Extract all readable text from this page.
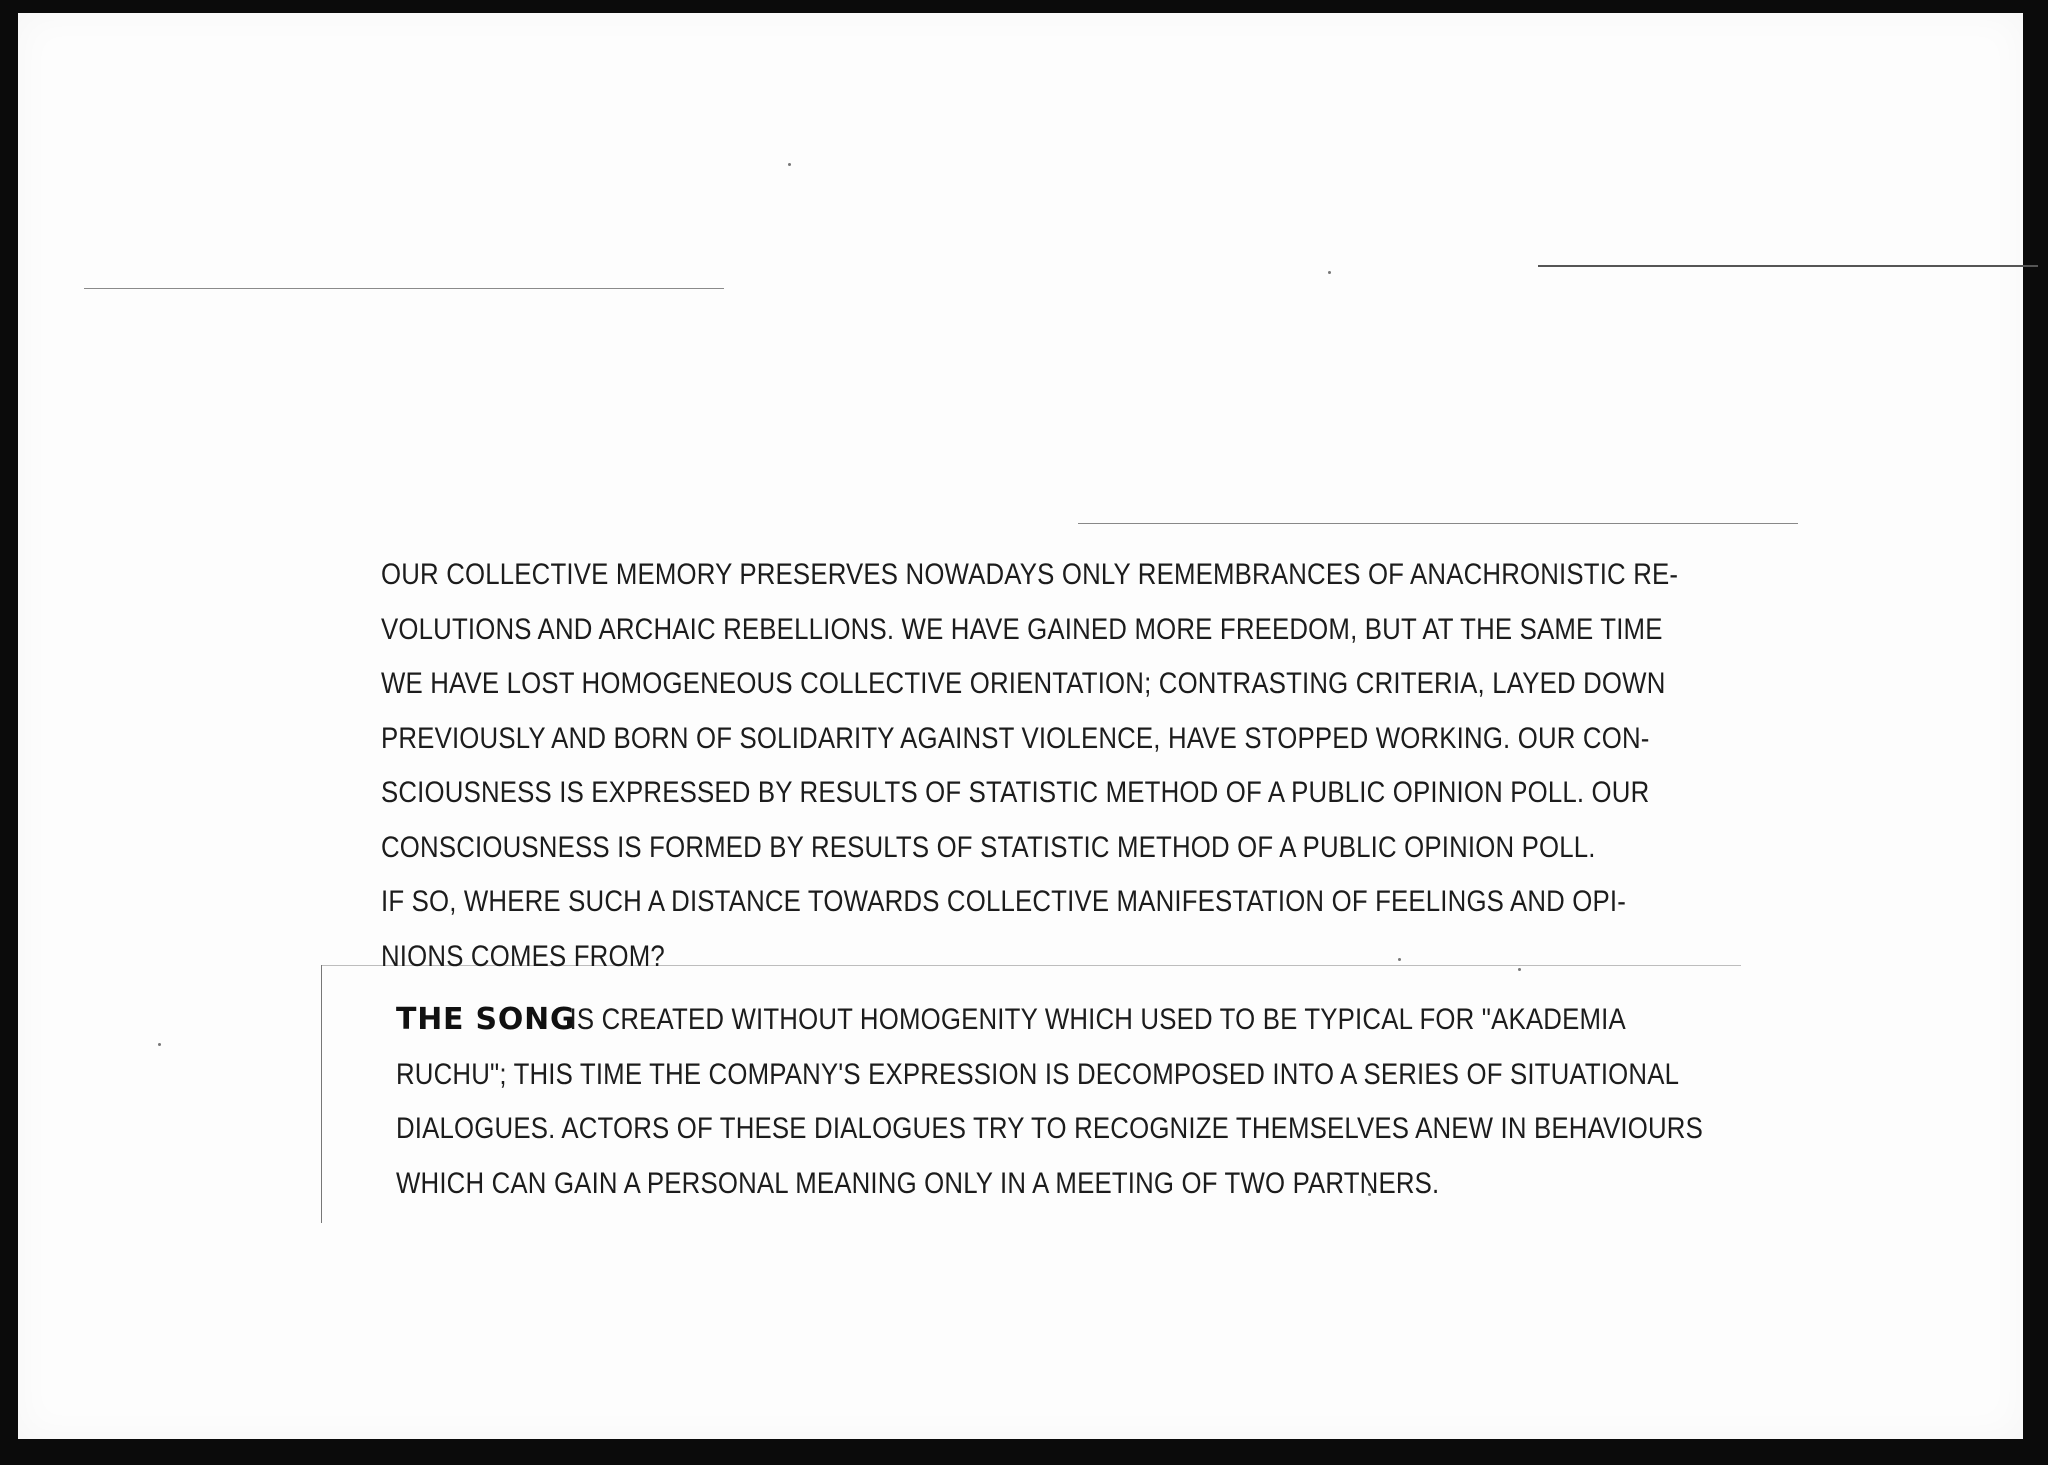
OUR COLLECTIVE MEMORY PRESERVES NOWADAYS ONLY REMEMBRANCES OF ANACHRONISTIC RE-
VOLUTIONS AND ARCHAIC REBELLIONS. WE HAVE GAINED MORE FREEDOM, BUT AT THE SAME TIME
WE HAVE LOST HOMOGENEOUS COLLECTIVE ORIENTATION; CONTRASTING CRITERIA, LAYED DOWN
PREVIOUSLY AND BORN OF SOLIDARITY AGAINST VIOLENCE, HAVE STOPPED WORKING. OUR CON-
SCIOUSNESS IS EXPRESSED BY RESULTS OF STATISTIC METHOD OF A PUBLIC OPINION POLL. OUR
CONSCIOUSNESS IS FORMED BY RESULTS OF STATISTIC METHOD OF A PUBLIC OPINION POLL.
IF SO, WHERE SUCH A DISTANCE TOWARDS COLLECTIVE MANIFESTATION OF FEELINGS AND OPI-
NIONS COMES FROM?

THE SONGIS CREATED WITHOUT HOMOGENITY WHICH USED TO BE TYPICAL FOR "AKADEMIA
RUCHU"; THIS TIME THE COMPANY'S EXPRESSION IS DECOMPOSED INTO A SERIES OF SITUATIONAL
DIALOGUES. ACTORS OF THESE DIALOGUES TRY TO RECOGNIZE THEMSELVES ANEW IN BEHAVIOURS
WHICH CAN GAIN A PERSONAL MEANING ONLY IN A MEETING OF TWO PARTNERS.
